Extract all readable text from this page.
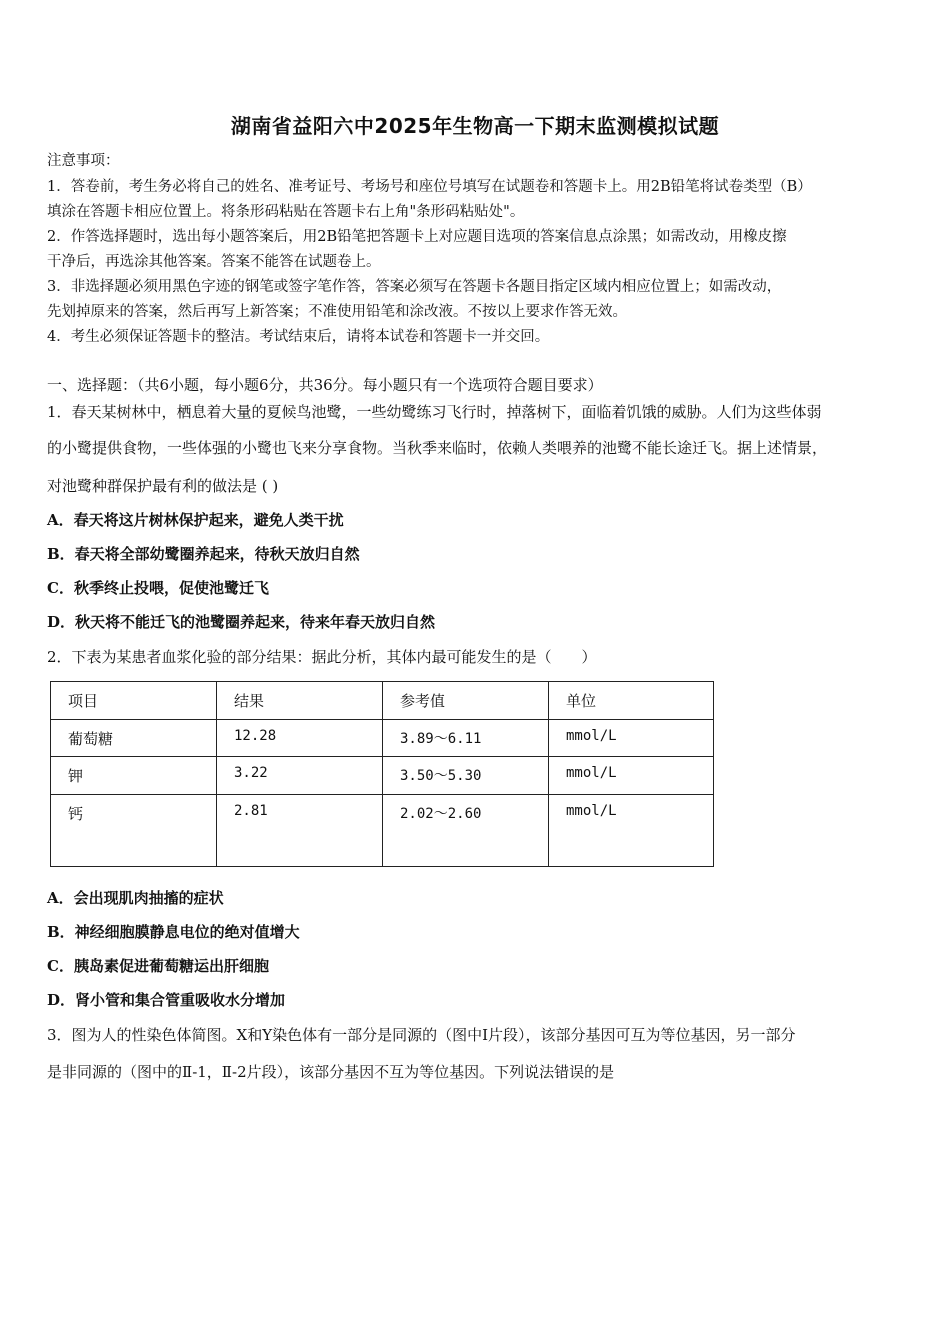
湖南省益阳六中2025年生物高一下期末监测模拟试题
注意事项：
1．答卷前，考生务必将自己的姓名、准考证号、考场号和座位号填写在试题卷和答题卡上。用2B铅笔将试卷类型（B）
填涂在答题卡相应位置上。将条形码粘贴在答题卡右上角"条形码粘贴处"。
2．作答选择题时，选出每小题答案后，用2B铅笔把答题卡上对应题目选项的答案信息点涂黑；如需改动，用橡皮擦
干净后，再选涂其他答案。答案不能答在试题卷上。
3．非选择题必须用黑色字迹的钢笔或签字笔作答，答案必须写在答题卡各题目指定区域内相应位置上；如需改动，
先划掉原来的答案，然后再写上新答案；不准使用铅笔和涂改液。不按以上要求作答无效。
4．考生必须保证答题卡的整洁。考试结束后，请将本试卷和答题卡一并交回。
一、选择题：（共6小题，每小题6分，共36分。每小题只有一个选项符合题目要求）
1．春天某树林中，栖息着大量的夏候鸟池鹭，一些幼鹭练习飞行时，掉落树下，面临着饥饿的威胁。人们为这些体弱
的小鹭提供食物，一些体强的小鹭也飞来分享食物。当秋季来临时，依赖人类喂养的池鹭不能长途迁飞。据上述情景，
对池鹭种群保护最有利的做法是 ( )
A．春天将这片树林保护起来，避免人类干扰
B．春天将全部幼鹭圈养起来，待秋天放归自然
C．秋季终止投喂，促使池鹭迁飞
D．秋天将不能迁飞的池鹭圈养起来，待来年春天放归自然
2．下表为某患者血浆化验的部分结果：据此分析，其体内最可能发生的是（　　）
项目	结果	参考值	单位
葡萄糖	12.28	3.89～6.11	mmol/L
钾	3.22	3.50～5.30	mmol/L
钙	2.81	2.02～2.60	mmol/L
A．会出现肌肉抽搐的症状
B．神经细胞膜静息电位的绝对值增大
C．胰岛素促进葡萄糖运出肝细胞
D．肾小管和集合管重吸收水分增加
3．图为人的性染色体简图。X和Y染色体有一部分是同源的（图中I片段），该部分基因可互为等位基因，另一部分
是非同源的（图中的Ⅱ-1，Ⅱ-2片段），该部分基因不互为等位基因。下列说法错误的是
